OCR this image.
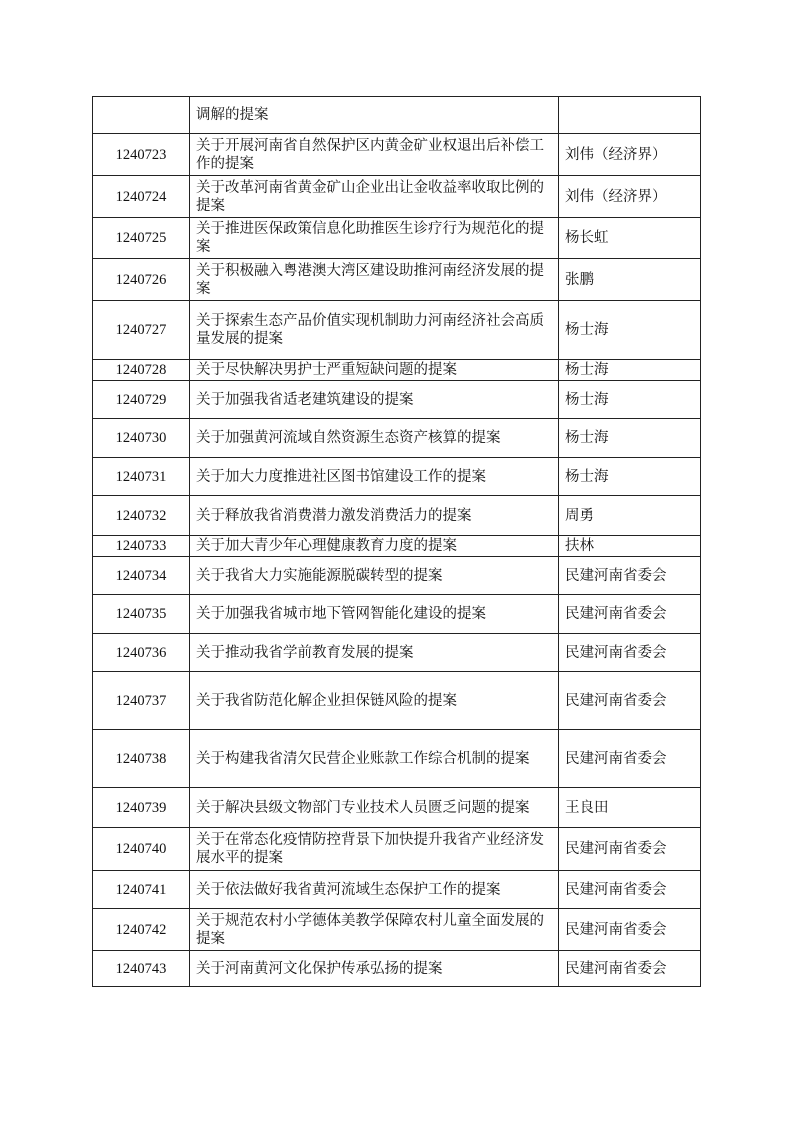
	调解的提案	
1240723	关于开展河南省自然保护区内黄金矿业权退出后补偿工作的提案	刘伟（经济界）
1240724	关于改革河南省黄金矿山企业出让金收益率收取比例的提案	刘伟（经济界）
1240725	关于推进医保政策信息化助推医生诊疗行为规范化的提案	杨长虹
1240726	关于积极融入粤港澳大湾区建设助推河南经济发展的提案	张鹏
1240727	关于探索生态产品价值实现机制助力河南经济社会高质量发展的提案	杨士海
1240728	关于尽快解决男护士严重短缺问题的提案	杨士海
1240729	关于加强我省适老建筑建设的提案	杨士海
1240730	关于加强黄河流域自然资源生态资产核算的提案	杨士海
1240731	关于加大力度推进社区图书馆建设工作的提案	杨士海
1240732	关于释放我省消费潜力激发消费活力的提案	周勇
1240733	关于加大青少年心理健康教育力度的提案	扶林
1240734	关于我省大力实施能源脱碳转型的提案	民建河南省委会
1240735	关于加强我省城市地下管网智能化建设的提案	民建河南省委会
1240736	关于推动我省学前教育发展的提案	民建河南省委会
1240737	关于我省防范化解企业担保链风险的提案	民建河南省委会
1240738	关于构建我省清欠民营企业账款工作综合机制的提案	民建河南省委会
1240739	关于解决县级文物部门专业技术人员匮乏问题的提案	王良田
1240740	关于在常态化疫情防控背景下加快提升我省产业经济发展水平的提案	民建河南省委会
1240741	关于依法做好我省黄河流域生态保护工作的提案	民建河南省委会
1240742	关于规范农村小学德体美教学保障农村儿童全面发展的提案	民建河南省委会
1240743	关于河南黄河文化保护传承弘扬的提案	民建河南省委会
